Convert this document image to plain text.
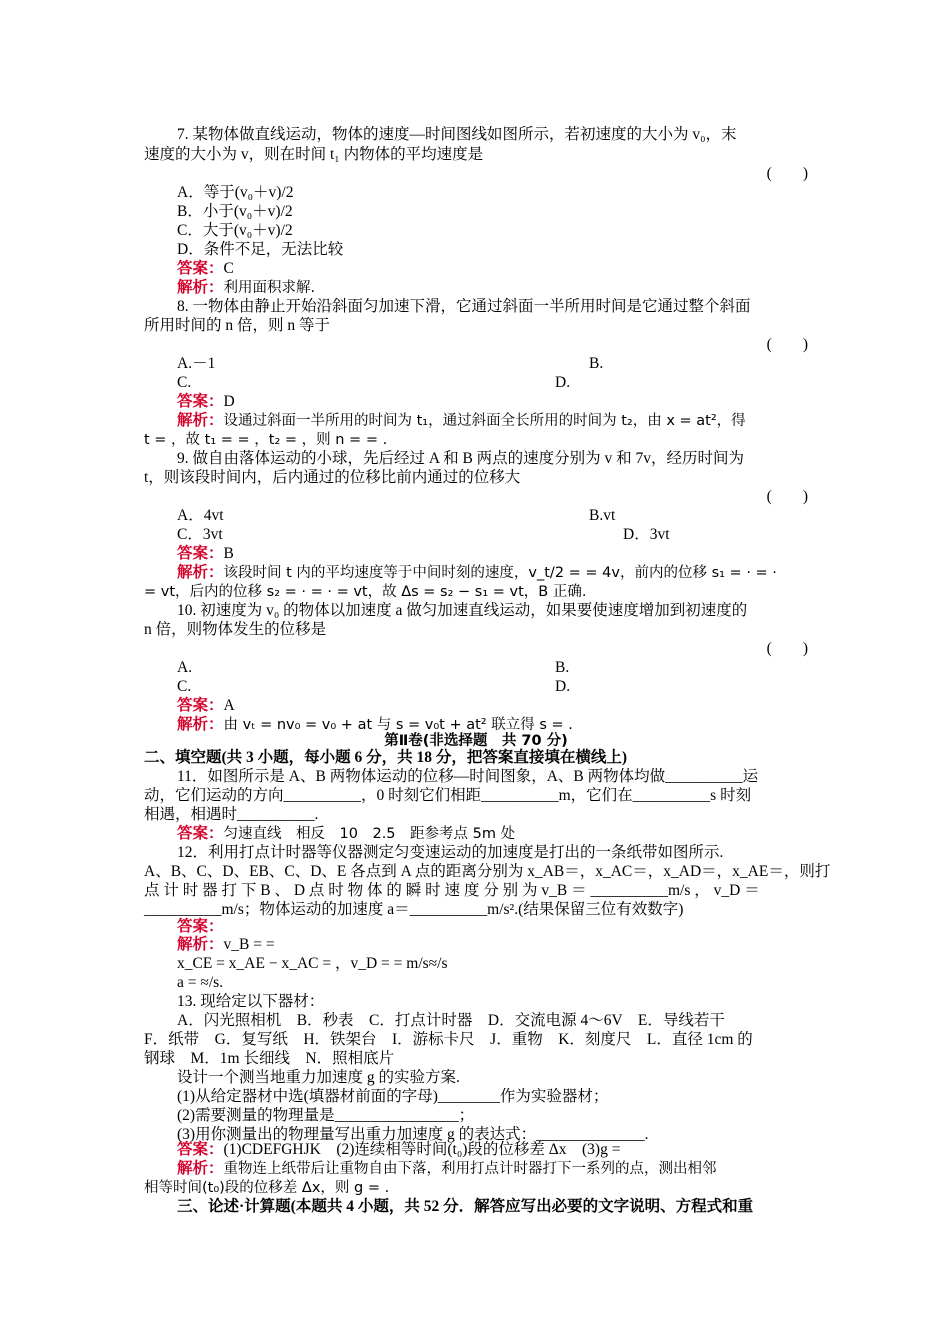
7. 某物体做直线运动，物体的速度—时间图线如图所示，若初速度的大小为 v₀，末
速度的大小为 v，则在时间 t₁ 内物体的平均速度是
(　　)
A．等于(v₀＋v)/2
B．小于(v₀＋v)/2
C．大于(v₀＋v)/2
D．条件不足，无法比较
答案：C
解析：利用面积求解.
8. 一物体由静止开始沿斜面匀加速下滑，它通过斜面一半所用时间是它通过整个斜面
所用时间的 n 倍，则 n 等于
(　　)
A.－1	B.
C.	D.
答案：D
解析：设通过斜面一半所用的时间为 t₁，通过斜面全长所用的时间为 t₂，由 x = at²，得
t = ，故 t₁ = = ，t₂ = ，则 n = = .
9. 做自由落体运动的小球，先后经过 A 和 B 两点的速度分别为 v 和 7v，经历时间为
t，则该段时间内，后内通过的位移比前内通过的位移大
(　　)
A．4vt	B.vt
C．3vt	D．3vt
答案：B
解析：该段时间 t 内的平均速度等于中间时刻的速度，v_t/2 = = 4v，前内的位移 s₁ = · = ·
= vt，后内的位移 s₂ = · = · = vt，故 Δs = s₂ − s₁ = vt，B 正确.
10. 初速度为 v₀ 的物体以加速度 a 做匀加速直线运动，如果要使速度增加到初速度的
n 倍，则物体发生的位移是
(　　)
A.	B.
C.	D.
答案：A
解析：由 vₜ = nv₀ = v₀ + at 与 s = v₀t + at² 联立得 s = .
第Ⅱ卷(非选择题　共 70 分)
二、填空题(共 3 小题，每小题 6 分，共 18 分，把答案直接填在横线上)
11．如图所示是 A、B 两物体运动的位移—时间图象，A、B 两物体均做__________运
动，它们运动的方向__________，0 时刻它们相距__________m，它们在__________s 时刻
相遇，相遇时__________.
答案：匀速直线　相反　10　2.5　距参考点 5m 处
12．利用打点计时器等仪器测定匀变速运动的加速度是打出的一条纸带如图所示.
A、B、C、D、EB、C、D、E 各点到 A 点的距离分别为 x_AB＝，x_AC＝，x_AD＝，x_AE＝，则打
点 计 时 器 打 下 B 、 D 点 时 物 体 的 瞬 时 速 度 分 别 为 v_B ＝ __________m/s ， v_D ＝
__________m/s；物体运动的加速度 a＝__________m/s².(结果保留三位有效数字)
答案：
解析：v_B = =
x_CE = x_AE − x_AC = ，v_D = = m/s≈/s
a = ≈/s.
13. 现给定以下器材：
A．闪光照相机　B．秒表　C．打点计时器　D．交流电源 4～6V　E．导线若干
F．纸带　G．复写纸　H．铁架台　I．游标卡尺　J．重物　K．刻度尺　L．直径 1cm 的
钢球　M．1m 长细线　N．照相底片
设计一个测当地重力加速度 g 的实验方案.
(1)从给定器材中选(填器材前面的字母)________作为实验器材；
(2)需要测量的物理量是________________；
(3)用你测量出的物理量写出重力加速度 g 的表达式：______________.
答案：(1)CDEFGHJK　(2)连续相等时间(t₀)段的位移差 Δx　(3)g =
解析：重物连上纸带后让重物自由下落，利用打点计时器打下一系列的点，测出相邻
相等时间(t₀)段的位移差 Δx，则 g = .
三、论述·计算题(本题共 4 小题，共 52 分．解答应写出必要的文字说明、方程式和重
